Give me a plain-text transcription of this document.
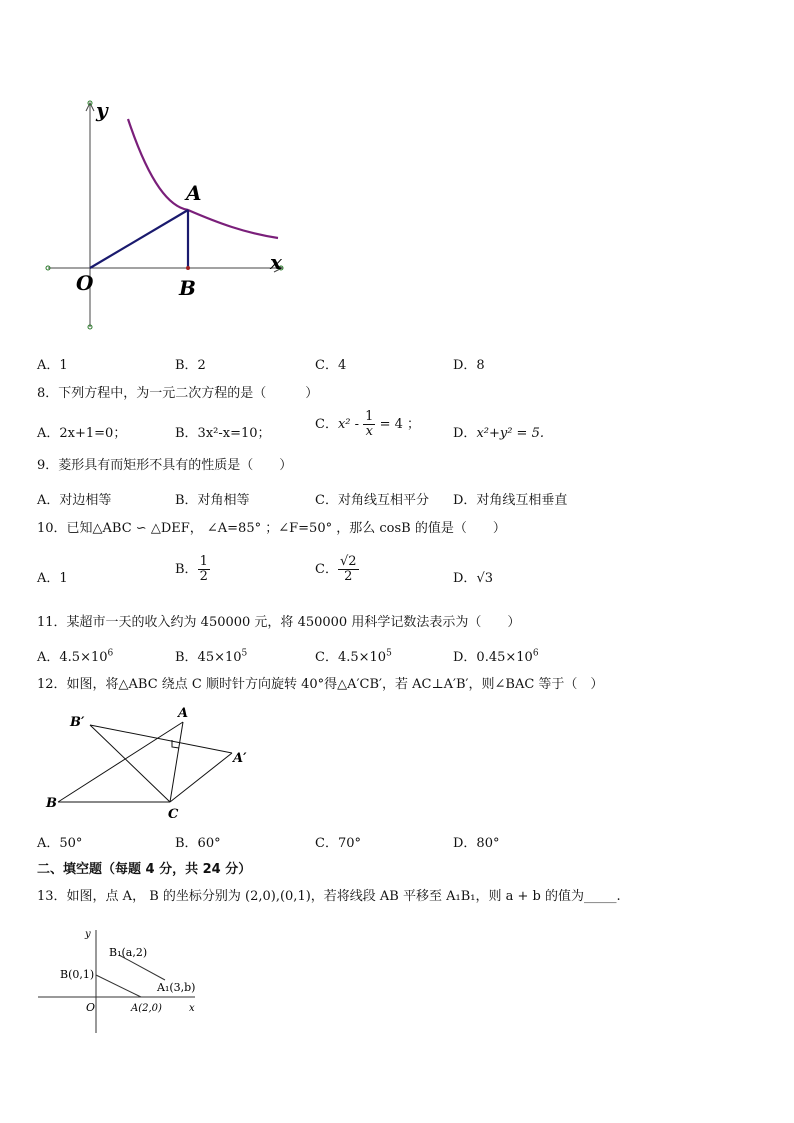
y
x
O
A
B
A．1	B．2	C．4	D．8
8．下列方程中，为一元二次方程的是（　　　）
A．2x+1=0；	B．3x²-x=10；
C．$x^2 - \frac{1}{x} = 4$ ；
D．x²+y² = 5.
9．菱形具有而矩形不具有的性质是（　　）
A．对边相等	B．对角相等	C．对角线互相平分 D．对角线互相垂直
10．已知△ABC ∽ △DEF， ∠A=85° ；∠F=50° ，那么 cosB 的值是（　　）
A．1
B． $\frac{1}{2}$	C． $\frac{√2}{2}$	D．√3
11．某超市一天的收入约为 450000 元，将 450000 用科学记数法表示为（　　）
A．$4.5\times 10^6$	B．$45\times 10^5$	C．$4.5\times 10^5$	D．$0.45\times 10^6$
12．如图，将△ABC 绕点 C 顺时针方向旋转 40°得△A′CB′，若 AC⊥A′B′，则∠BAC 等于（　）
B′
A
A′
B
C
A．50°	B．60°	C．70°	D．80°
二、填空题（每题 4 分，共 24 分）
13．如图，点 A， B 的坐标分别为 (2,0),(0,1)，若将线段 AB 平移至 A₁B₁，则 a + b 的值为_____.
y
x
O
B(0,1)
A(2,0)
B₁(a,2)
A₁(3,b)
